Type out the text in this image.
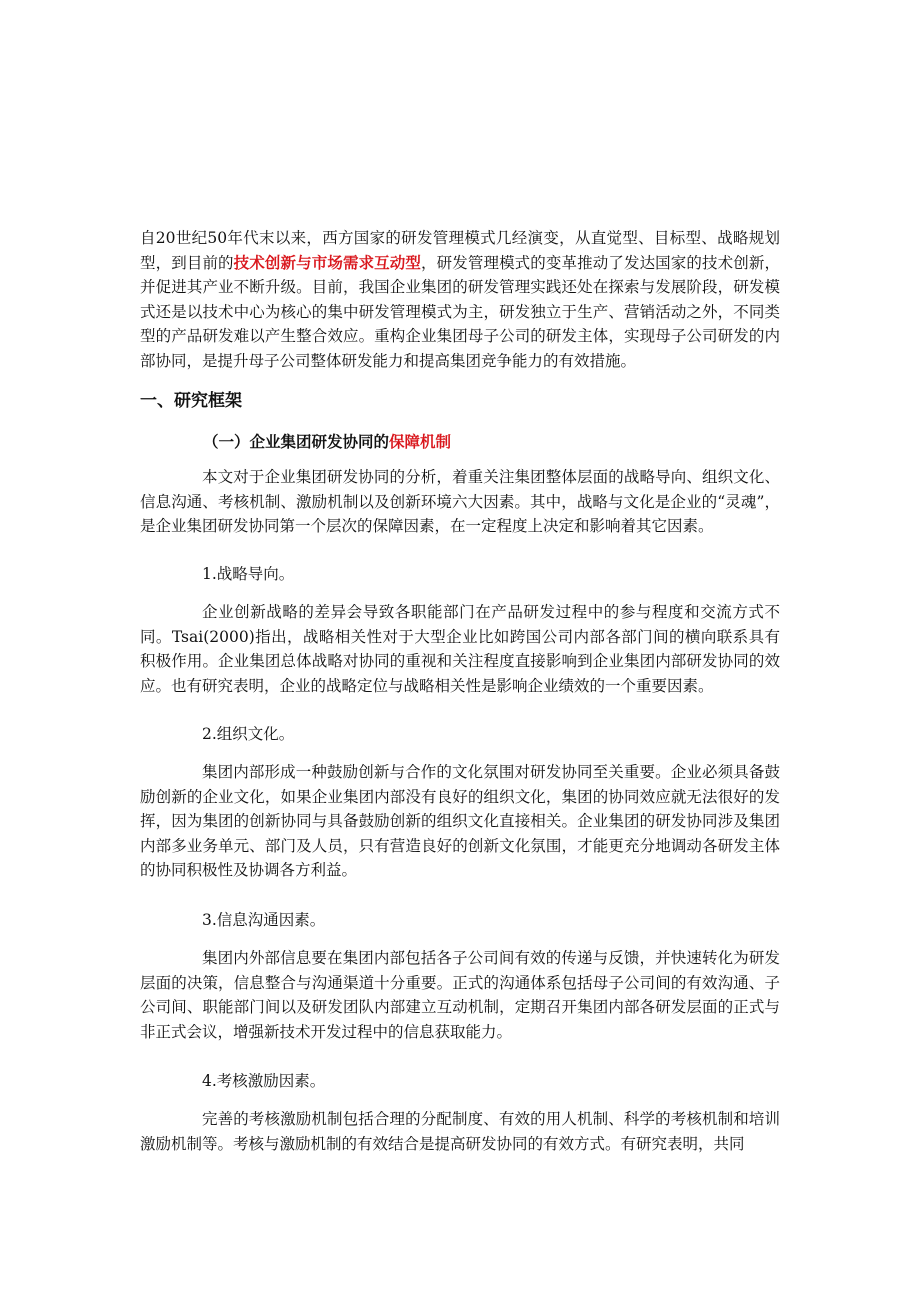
自20世纪50年代末以来，西方国家的研发管理模式几经演变，从直觉型、目标型、战略规划型，到目前的技术创新与市场需求互动型，研发管理模式的变革推动了发达国家的技术创新，并促进其产业不断升级。目前，我国企业集团的研发管理实践还处在探索与发展阶段，研发模式还是以技术中心为核心的集中研发管理模式为主，研发独立于生产、营销活动之外，不同类型的产品研发难以产生整合效应。重构企业集团母子公司的研发主体，实现母子公司研发的内部协同，是提升母子公司整体研发能力和提高集团竞争能力的有效措施。

一、研究框架
（一）企业集团研发协同的保障机制

本文对于企业集团研发协同的分析，着重关注集团整体层面的战略导向、组织文化、信息沟通、考核机制、激励机制以及创新环境六大因素。其中，战略与文化是企业的“灵魂”，是企业集团研发协同第一个层次的保障因素，在一定程度上决定和影响着其它因素。

1.战略导向。

企业创新战略的差异会导致各职能部门在产品研发过程中的参与程度和交流方式不同。Tsai(2000)指出，战略相关性对于大型企业比如跨国公司内部各部门间的横向联系具有积极作用。企业集团总体战略对协同的重视和关注程度直接影响到企业集团内部研发协同的效应。也有研究表明，企业的战略定位与战略相关性是影响企业绩效的一个重要因素。

2.组织文化。

集团内部形成一种鼓励创新与合作的文化氛围对研发协同至关重要。企业必须具备鼓励创新的企业文化，如果企业集团内部没有良好的组织文化，集团的协同效应就无法很好的发挥，因为集团的创新协同与具备鼓励创新的组织文化直接相关。企业集团的研发协同涉及集团内部多业务单元、部门及人员，只有营造良好的创新文化氛围，才能更充分地调动各研发主体的协同积极性及协调各方利益。

3.信息沟通因素。

集团内外部信息要在集团内部包括各子公司间有效的传递与反馈，并快速转化为研发层面的决策，信息整合与沟通渠道十分重要。正式的沟通体系包括母子公司间的有效沟通、子公司间、职能部门间以及研发团队内部建立互动机制，定期召开集团内部各研发层面的正式与非正式会议，增强新技术开发过程中的信息获取能力。

4.考核激励因素。

完善的考核激励机制包括合理的分配制度、有效的用人机制、科学的考核机制和培训激励机制等。考核与激励机制的有效结合是提高研发协同的有效方式。有研究表明，共同
